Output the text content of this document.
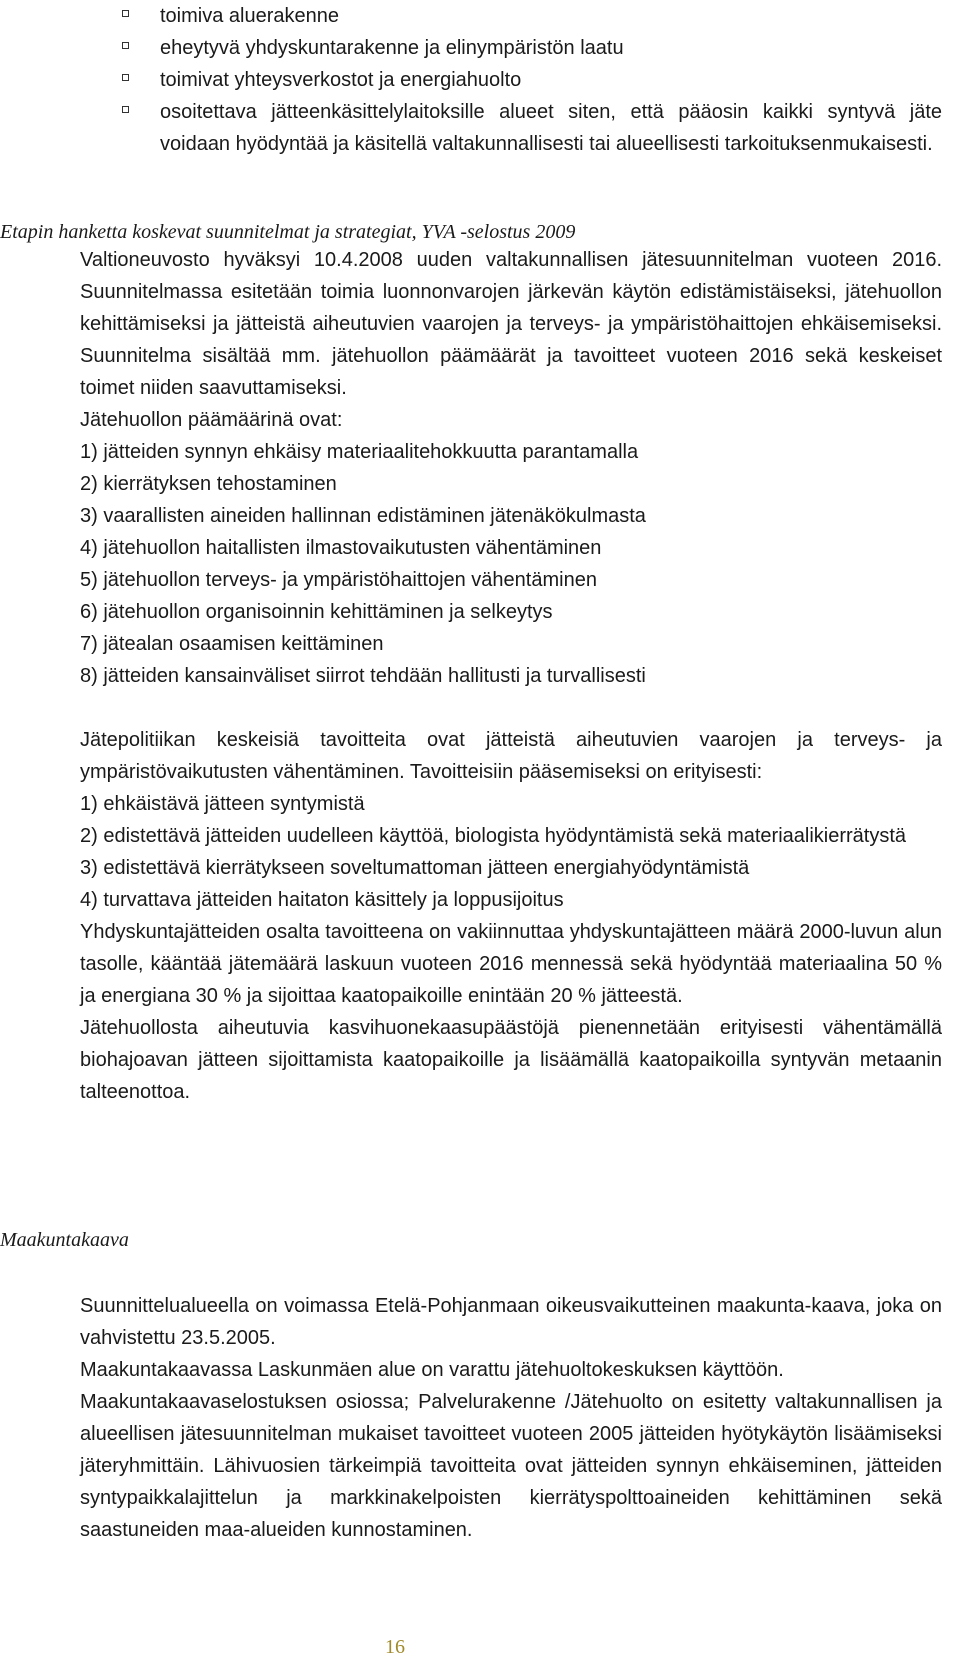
toimiva aluerakenne
eheytyvä yhdyskuntarakenne ja elinympäristön laatu
toimivat yhteysverkostot ja energiahuolto
osoitettava jätteenkäsittelylaitoksille alueet siten, että pääosin kaikki syntyvä jäte voidaan hyödyntää ja käsitellä valtakunnallisesti tai alueellisesti tarkoituksenmukaisesti.
Etapin hanketta koskevat suunnitelmat ja strategiat, YVA -selostus 2009

Valtioneuvosto hyväksyi 10.4.2008 uuden valtakunnallisen jätesuunnitelman vuoteen 2016. Suunnitelmassa esitetään toimia luonnonvarojen järkevän käytön edistämistäiseksi, jätehuollon kehittämiseksi ja jätteistä aiheutuvien vaarojen ja terveys- ja ympäristöhaittojen ehkäisemiseksi. Suunnitelma sisältää mm. jätehuollon päämäärät ja tavoitteet vuoteen 2016 sekä keskeiset toimet niiden saavuttamiseksi.

Jätehuollon päämäärinä ovat:

1) jätteiden synnyn ehkäisy materiaalitehokkuutta parantamalla

2) kierrätyksen tehostaminen

3) vaarallisten aineiden hallinnan edistäminen jätenäkökulmasta

4) jätehuollon haitallisten ilmastovaikutusten vähentäminen

5) jätehuollon terveys- ja ympäristöhaittojen vähentäminen

6) jätehuollon organisoinnin kehittäminen ja selkeytys

7) jätealan osaamisen keittäminen

8) jätteiden kansainväliset siirrot tehdään hallitusti ja turvallisesti

Jätepolitiikan keskeisiä tavoitteita ovat jätteistä aiheutuvien vaarojen ja terveys- ja ympäristövaikutusten vähentäminen. Tavoitteisiin pääsemiseksi on erityisesti:

1) ehkäistävä jätteen syntymistä

2) edistettävä jätteiden uudelleen käyttöä, biologista hyödyntämistä sekä materiaalikierrätystä

3) edistettävä kierrätykseen soveltumattoman jätteen energiahyödyntämistä

4) turvattava jätteiden haitaton käsittely ja loppusijoitus

Yhdyskuntajätteiden osalta tavoitteena on vakiinnuttaa yhdyskuntajätteen määrä 2000-luvun alun tasolle, kääntää jätemäärä laskuun vuoteen 2016 mennessä sekä hyödyntää materiaalina 50 % ja energiana 30 % ja sijoittaa kaatopaikoille enintään 20 % jätteestä.

Jätehuollosta aiheutuvia kasvihuonekaasupäästöjä pienennetään erityisesti vähentämällä biohajoavan jätteen sijoittamista kaatopaikoille ja lisäämällä kaatopaikoilla syntyvän metaanin talteenottoa.

Maakuntakaava

Suunnittelualueella on voimassa Etelä-Pohjanmaan oikeusvaikutteinen maakunta-kaava, joka on vahvistettu 23.5.2005.

Maakuntakaavassa Laskunmäen alue on varattu jätehuoltokeskuksen käyttöön.

Maakuntakaavaselostuksen osiossa; Palvelurakenne /Jätehuolto on esitetty valtakunnallisen ja alueellisen jätesuunnitelman mukaiset tavoitteet vuoteen 2005 jätteiden hyötykäytön lisäämiseksi jäteryhmittäin. Lähivuosien tärkeimpiä tavoitteita ovat jätteiden synnyn ehkäiseminen, jätteiden syntypaikkalajittelun ja markkinakelpoisten kierrätyspolttoaineiden kehittäminen sekä saastuneiden maa-alueiden kunnostaminen.

16
